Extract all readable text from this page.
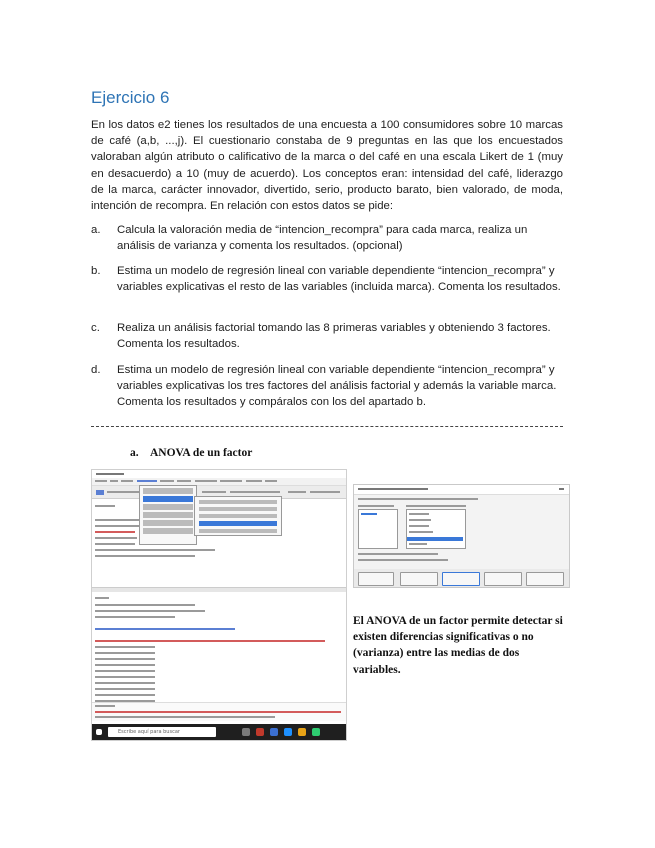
Ejercicio 6
En los datos e2 tienes los resultados de una encuesta a 100 consumidores sobre 10 marcas de café (a,b, ...,j). El cuestionario constaba de 9 preguntas en las que los encuestados valoraban algún atributo o calificativo de la marca o del café en una escala Likert de 1 (muy en desacuerdo) a 10 (muy de acuerdo). Los conceptos eran: intensidad del café, liderazgo de la marca, carácter innovador, divertido, serio, producto barato, bien valorado, de moda, intención de recompra. En relación con estos datos se pide:
a. Calcula la valoración media de “intencion_recompra” para cada marca, realiza un análisis de varianza y comenta los resultados. (opcional)
b. Estima un modelo de regresión lineal con variable dependiente “intencion_recompra” y variables explicativas el resto de las variables (incluida marca). Comenta los resultados.
c. Realiza un análisis factorial tomando las 8 primeras variables y obteniendo 3 factores. Comenta los resultados.
d. Estima un modelo de regresión lineal con variable dependiente “intencion_recompra” y variables explicativas los tres factores del análisis factorial y además la variable marca. Comenta los resultados y compáralos con los del apartado b.
a. ANOVA de un factor
Escribe aquí para buscar
El ANOVA de un factor permite detectar si existen diferencias significativas o no (varianza) entre las medias de dos variables.
